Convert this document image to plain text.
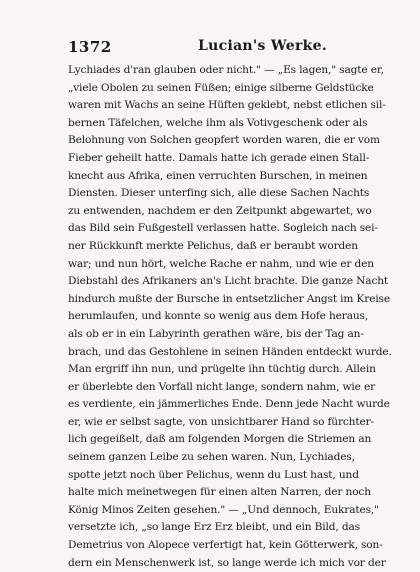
1372	Lucian's Werke.
Lychiades d'ran glauben oder nicht." — „Es lagen," sagte er,
„viele Obolen zu seinen Füßen; einige silberne Geldstücke
waren mit Wachs an seine Hüften geklebt, nebst etlichen sil-
bernen Täfelchen, welche ihm als Votivgeschenk oder als
Belohnung von Solchen geopfert worden waren, die er vom
Fieber geheilt hatte. Damals hatte ich gerade einen Stall-
knecht aus Afrika, einen verruchten Burschen, in meinen
Diensten. Dieser unterfing sich, alle diese Sachen Nachts
zu entwenden, nachdem er den Zeitpunkt abgewartet, wo
das Bild sein Fußgestell verlassen hatte. Sogleich nach sei-
ner Rückkunft merkte Pelichus, daß er beraubt worden
war; und nun hört, welche Rache er nahm, und wie er den
Diebstahl des Afrikaners an's Licht brachte. Die ganze Nacht
hindurch mußte der Bursche in entsetzlicher Angst im Kreise
herumlaufen, und konnte so wenig aus dem Hofe heraus,
als ob er in ein Labyrinth gerathen wäre, bis der Tag an-
brach, und das Gestohlene in seinen Händen entdeckt wurde.
Man ergriff ihn nun, und prügelte ihn tüchtig durch. Allein
er überlebte den Vorfall nicht lange, sondern nahm, wie er
es verdiente, ein jämmerliches Ende. Denn jede Nacht wurde
er, wie er selbst sagte, von unsichtbarer Hand so fürchter-
lich gegeißelt, daß am folgenden Morgen die Striemen an
seinem ganzen Leibe zu sehen waren. Nun, Lychiades,
spotte jetzt noch über Pelichus, wenn du Lust hast, und
halte mich meinetwegen für einen alten Narren, der noch
König Minos Zeiten gesehen." — „Und dennoch, Eukrates,"
versetzte ich, „so lange Erz Erz bleibt, und ein Bild, das
Demetrius von Alopece verfertigt hat, kein Götterwerk, son-
dern ein Menschenwerk ist, so lange werde ich mich vor der
